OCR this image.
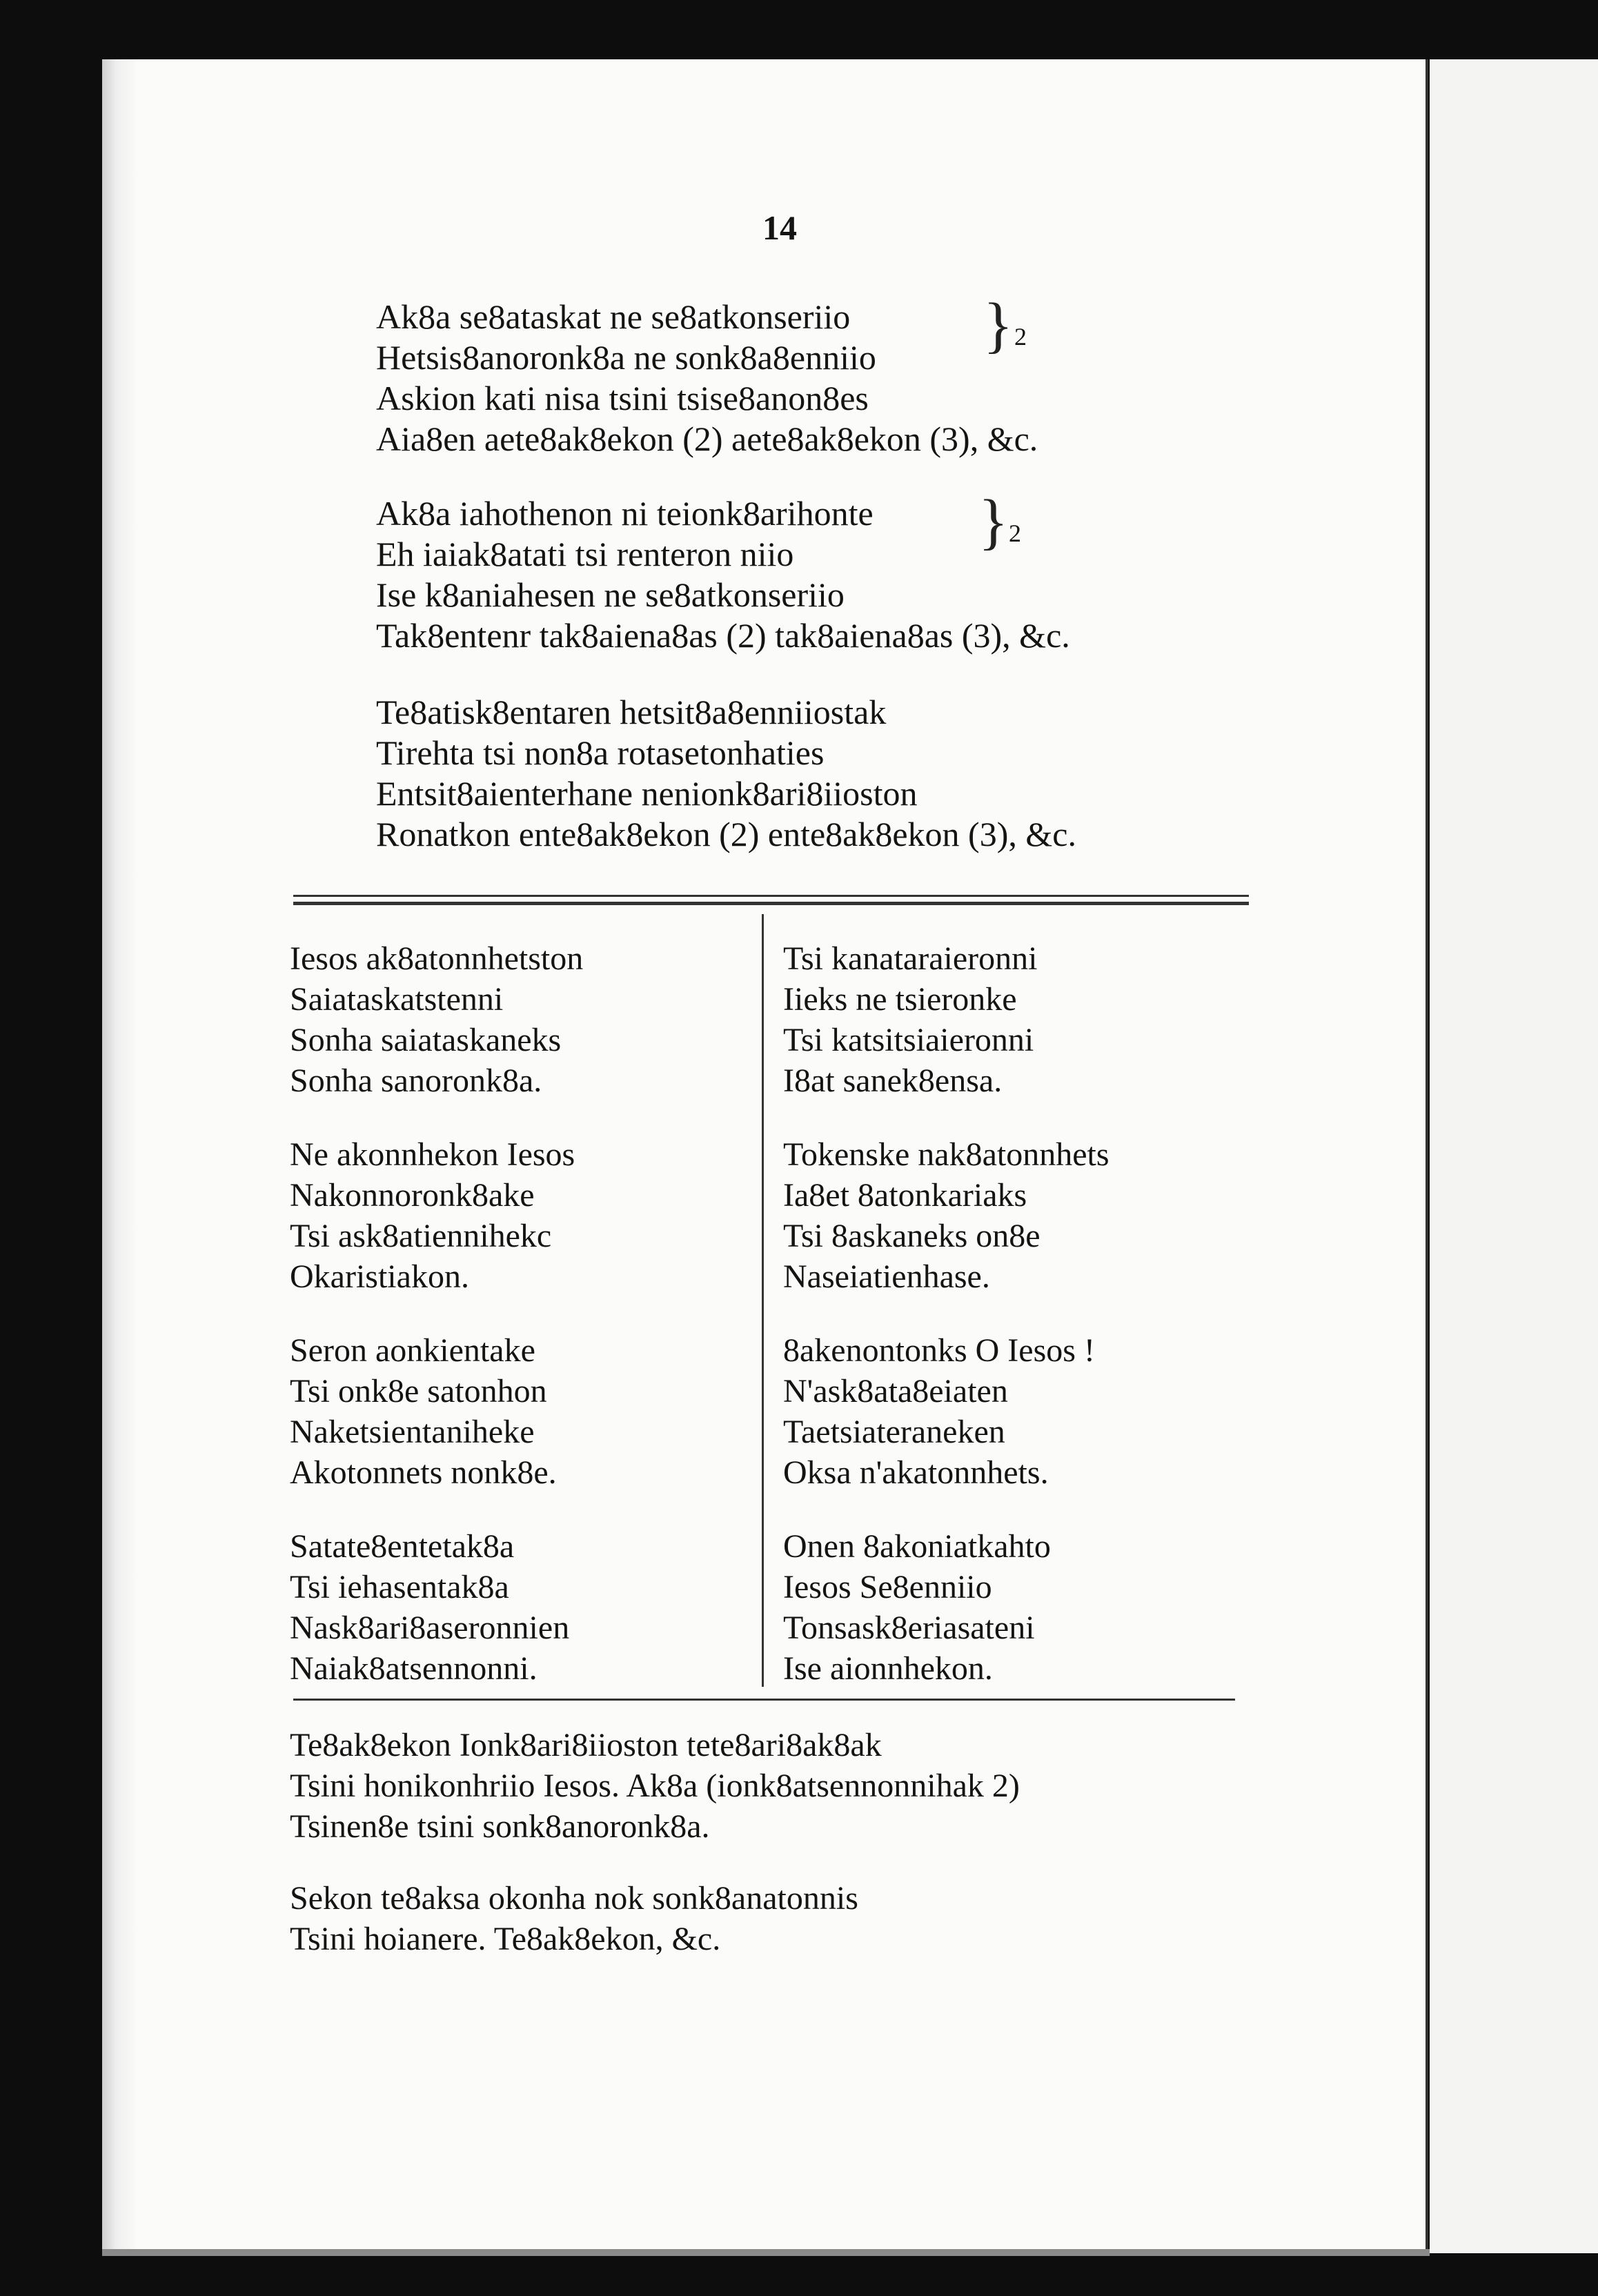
14
Ak8a se8ataskat ne se8atkonseriio
Hetsis8anoronk8a ne sonk8a8enniio
Askion kati nisa tsini tsise8anon8es
Aia8en aete8ak8ekon (2) aete8ak8ekon (3), &c.
} 2
Ak8a iahothenon ni teionk8arihonte
Eh iaiak8atati tsi renteron niio
Ise k8aniahesen ne se8atkonseriio
Tak8entenr tak8aiena8as (2) tak8aiena8as (3), &c.
} 2
Te8atisk8entaren hetsit8a8enniiostak
Tirehta tsi non8a rotasetonhaties
Entsit8aienterhane nenionk8ari8iioston
Ronatkon ente8ak8ekon (2) ente8ak8ekon (3), &c.
Iesos ak8atonnhetston
Saiataskatstenni
Sonha saiataskaneks
Sonha sanoronk8a.
Ne akonnhekon Iesos
Nakonnoronk8ake
Tsi ask8atiennihekc
Okaristiakon.
Seron aonkientake
Tsi onk8e satonhon
Naketsientaniheke
Akotonnets nonk8e.
Satate8entetak8a
Tsi iehasentak8a
Nask8ari8aseronnien
Naiak8atsennonni.
Tsi kanataraieronni
Iieks ne tsieronke
Tsi katsitsiaieronni
I8at sanek8ensa.
Tokenske nak8atonnhets
Ia8et 8atonkariaks
Tsi 8askaneks on8e
Naseiatienhase.
8akenontonks O Iesos !
N'ask8ata8eiaten
Taetsiateraneken
Oksa n'akatonnhets.
Onen 8akoniatkahto
Iesos Se8enniio
Tonsask8eriasateni
Ise aionnhekon.
Te8ak8ekon Ionk8ari8iioston tete8ari8ak8ak
Tsini honikonhriio Iesos. Ak8a (ionk8atsennonnihak 2)
Tsinen8e tsini sonk8anoronk8a.
Sekon te8aksa okonha nok sonk8anatonnis
Tsini hoianere. Te8ak8ekon, &c.
